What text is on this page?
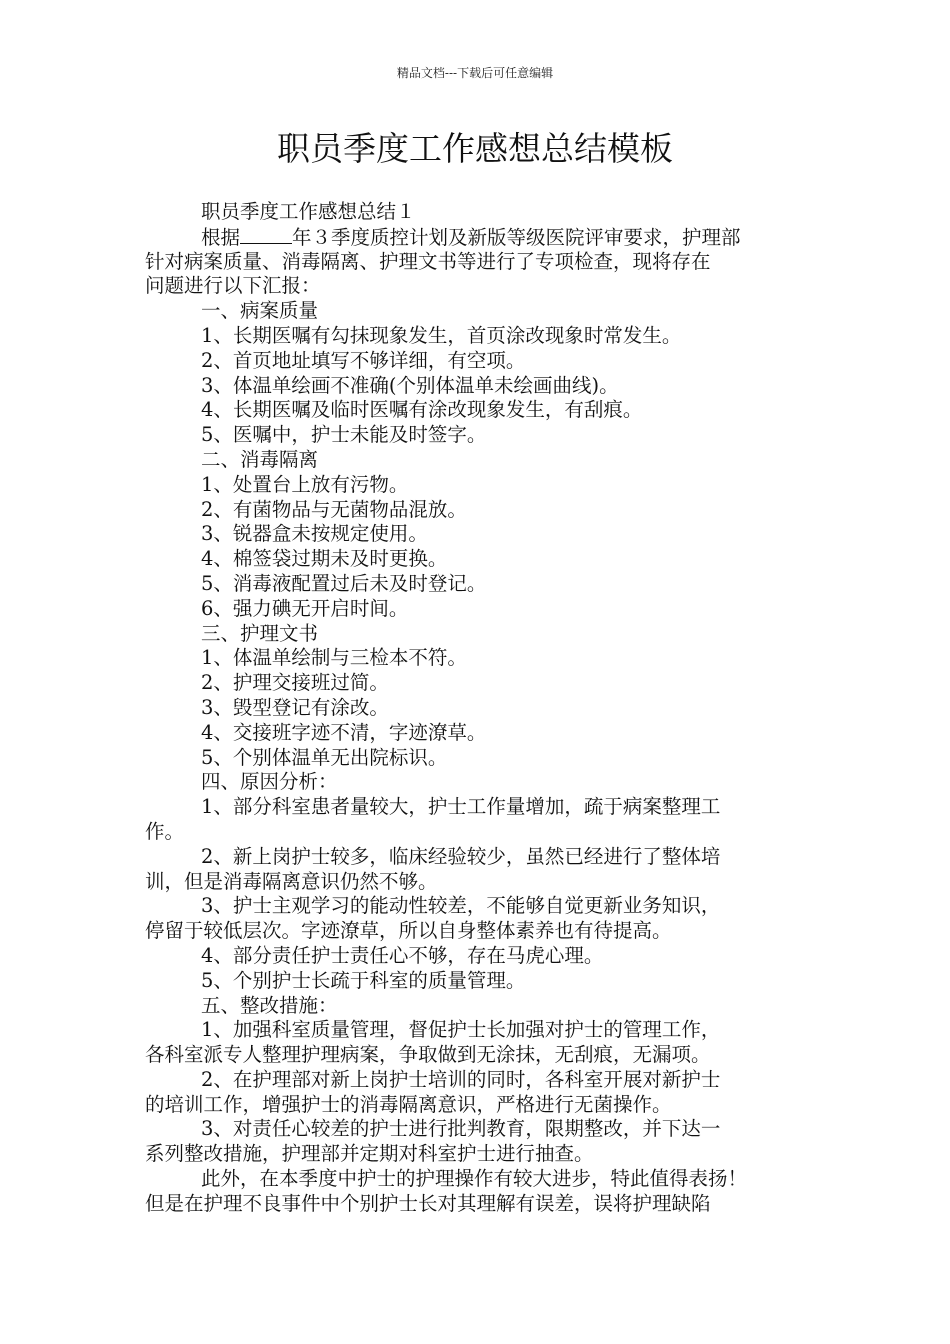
精品文档---下载后可任意编辑
职员季度工作感想总结模板
职员季度工作感想总结１
根据	年３季度质控计划及新版等级医院评审要求，护理部
针对病案质量、消毒隔离、护理文书等进行了专项检查，现将存在
问题进行以下汇报：
一、病案质量
1、长期医嘱有勾抹现象发生，首页涂改现象时常发生。
2、首页地址填写不够详细，有空项。
3、体温单绘画不准确(个别体温单未绘画曲线)。
4、长期医嘱及临时医嘱有涂改现象发生，有刮痕。
5、医嘱中，护士未能及时签字。
二、消毒隔离
1、处置台上放有污物。
2、有菌物品与无菌物品混放。
3、锐器盒未按规定使用。
4、棉签袋过期未及时更换。
5、消毒液配置过后未及时登记。
6、强力碘无开启时间。
三、护理文书
1、体温单绘制与三检本不符。
2、护理交接班过简。
3、毁型登记有涂改。
4、交接班字迹不清，字迹潦草。
5、个别体温单无出院标识。
四、原因分析：
1、部分科室患者量较大，护士工作量增加，疏于病案整理工
作。
2、新上岗护士较多，临床经验较少，虽然已经进行了整体培
训，但是消毒隔离意识仍然不够。
3、护士主观学习的能动性较差，不能够自觉更新业务知识，
停留于较低层次。字迹潦草，所以自身整体素养也有待提高。
4、部分责任护士责任心不够，存在马虎心理。
5、个别护士长疏于科室的质量管理。
五、整改措施：
1、加强科室质量管理，督促护士长加强对护士的管理工作，
各科室派专人整理护理病案，争取做到无涂抹，无刮痕，无漏项。
2、在护理部对新上岗护士培训的同时，各科室开展对新护士
的培训工作，增强护士的消毒隔离意识，严格进行无菌操作。
3、对责任心较差的护士进行批判教育，限期整改，并下达一
系列整改措施，护理部并定期对科室护士进行抽查。
此外，在本季度中护士的护理操作有较大进步，特此值得表扬！
但是在护理不良事件中个别护士长对其理解有误差，误将护理缺陷
